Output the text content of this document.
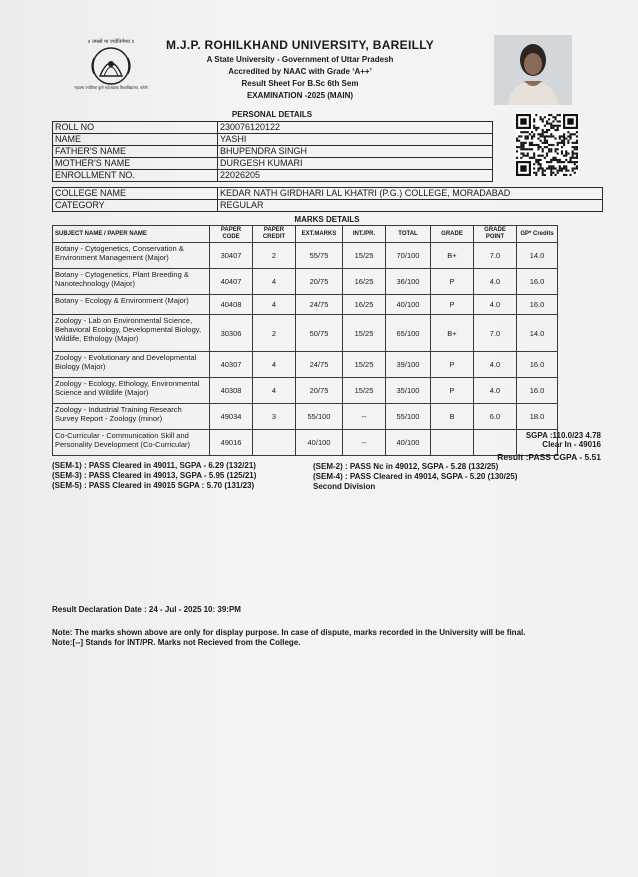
॥ तमसो मा ज्योतिर्गमय ॥
महात्मा ज्योतिबा फुले रुहेलखण्ड विश्वविद्यालय, बरेली
M.J.P. ROHILKHAND UNIVERSITY, BAREILLY
A State University - Government of Uttar Pradesh
Accredited by NAAC with Grade ‘A++’
Result Sheet For B.Sc 6th Sem
EXAMINATION -2025 (MAIN)
PERSONAL DETAILS
ROLL NO	230076120122
NAME	YASHI
FATHER'S NAME	BHUPENDRA SINGH
MOTHER'S NAME	DURGESH KUMARI
ENROLLMENT NO.	22026205
COLLEGE NAME	KEDAR NATH GIRDHARI LAL KHATRI (P.G.) COLLEGE, MORADABAD
CATEGORY	REGULAR
MARKS DETAILS
SUBJECT NAME / PAPER NAME	PAPER CODE	PAPER CREDIT	EXT.MARKS	INT./PR.	TOTAL	GRADE	GRADE POINT	GP* Credits
Botany - Cytogenetics, Conservation & Environment Management (Major)	30407	2	55/75	15/25	70/100	B+	7.0	14.0
Botany - Cytogenetics, Plant Breeding & Nanotechnology (Major)	40407	4	20/75	16/25	36/100	P	4.0	16.0
Botany - Ecology & Environment (Major)	40408	4	24/75	16/25	40/100	P	4.0	16.0
Zoology - Lab on Environmental Science, Behavioral Ecology, Developmental Biology, Wildlife, Ethology (Major)	30306	2	50/75	15/25	65/100	B+	7.0	14.0
Zoology - Evolutionary and Developmental Biology (Major)	40307	4	24/75	15/25	39/100	P	4.0	16.0
Zoology - Ecology, Ethology, Environmental Science and Wildlife (Major)	40308	4	20/75	15/25	35/100	P	4.0	16.0
Zoology - Industrial Training Research Survey Report - Zoology (minor)	49034	3	55/100	--	55/100	B	6.0	18.0
Co-Curricular - Communication Skill and Personality Development (Co-Curricular)	49016		40/100	--	40/100			
SGPA :110.0/23 4.78
Clear In - 49016
Result :PASS CGPA - 5.51
(SEM-1) : PASS Cleared in 49011, SGPA - 6.29 (132/21)
(SEM-3) : PASS Cleared in 49013, SGPA - 5.95 (125/21)
(SEM-5) : PASS Cleared in 49015 SGPA : 5.70 (131/23)
(SEM-2) : PASS Nc in 49012, SGPA - 5.28 (132/25)
(SEM-4) : PASS Cleared in 49014, SGPA - 5.20 (130/25)
Second Division
Result Declaration Date : 24 - Jul - 2025 10: 39:PM
Note: The marks shown above are only for display purpose. In case of dispute, marks recorded in the University will be final.
Note:[--] Stands for INT/PR. Marks not Recieved from the College.
